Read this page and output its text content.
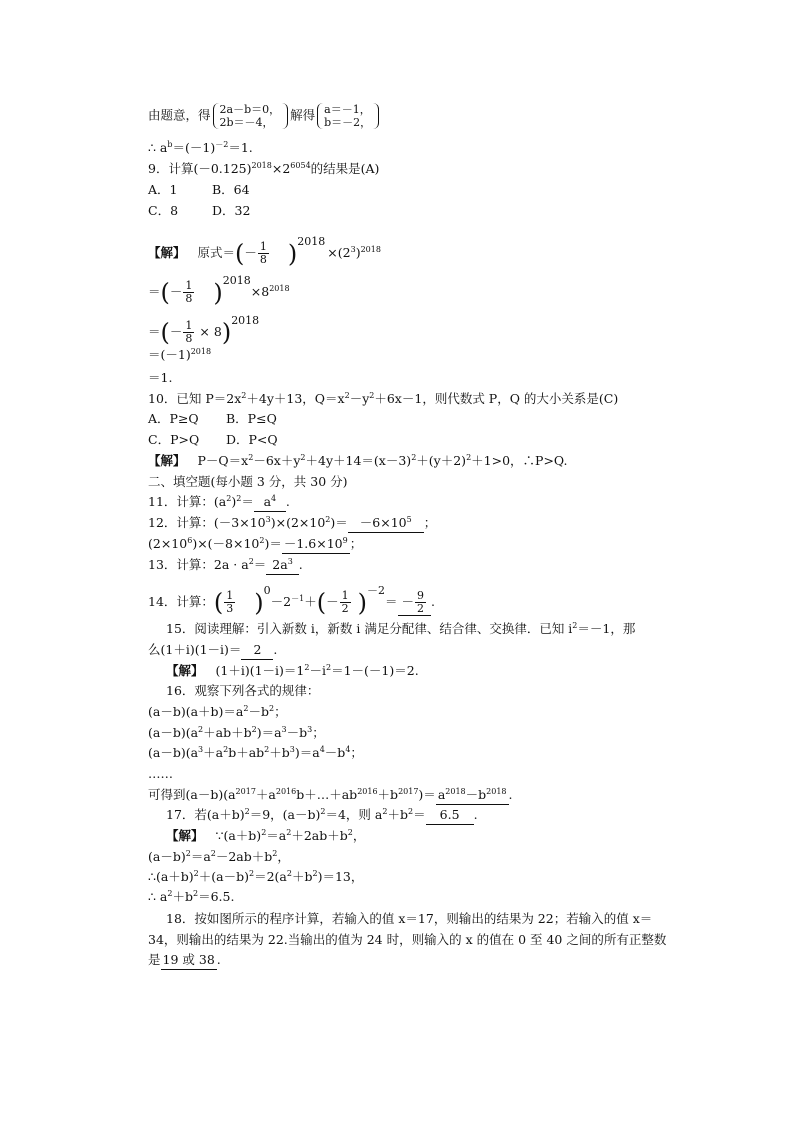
由题意，得 2a－b＝0，
2b＝－4，	解得 a＝－1，
b＝－2，
∴ $a^b=(-1)^{-2}=1$.
9．计算$(-0.125)^{2018}\times 2^{6054}$的结果是(A)
A．1	B．64
C．8	D．32
【解】 原式＝(－ $\frac{1}{8} )2018\times(2^3)^{2018}$
＝(－ $\frac{1}{8} )2018\times 8^{2018}$
＝(－ $\frac{1}{8} \times 8)2018$
$=(-1)^{2018}$
＝1.
10．已知 $P=2x^2+4y+13$，$Q=x^2-y^2+6x-1$，则代数式 P，Q 的大小关系是(C)
A．P≥Q B．P≤Q
C．P>Q D．P<Q
【解】 $P-Q=x^2-6x+y^2+4y+14=(x-3)^2+(y+2)^2+1>0$，∴P>Q.
二、填空题(每小题 3 分，共 30 分)
11．计算：$(a^2)^2= a^4$ .
12．计算：$(-3\times 10^3)\times(2\times 10^2)= -6\times 10^5$ ；
$(2\times 10^6)\times(-8\times 10^2)= -1.6\times 10^9$ ；
13．计算：$2a \cdot a^2= 2a^3$ .
14．计算：( $\frac{1}{3} )0-2^{-1}+(- \frac{1}{2} )-2= - \frac{9}{2}$ .
15．阅读理解：引入新数 i，新数 i 满足分配律、结合律、交换律．已知 $i^2=-1$，那
么(1＋i)(1－i)＝ 2 .
【解】 $(1+i)(1-i)=1^2-i^2=1-(-1)=2$.
16．观察下列各式的规律：
$(a-b)(a+b)=a^2-b^2$；
$(a-b)(a^2+ab+b^2)=a^3-b^3$；
$(a-b)(a^3+a^2b+ab^2+b^3)=a^4-b^4$；
……
可得到$(a-b)(a^{2017}+a^{2016}b+\dots+ab^{2016}+b^{2017})= a^{2018}-b^{2018}$ .
17．若$(a+b)^2=9$，$(a-b)^2=4$，则 $a^2+b^2= 6.5$ .
【解】 $\because(a+b)^2=a^2+2ab+b^2$，
$(a-b)^2=a^2-2ab+b^2$，
$\therefore(a+b)^2+(a-b)^2=2(a^2+b^2)=13$，
∴ $a^2+b^2=6.5$.
18．按如图所示的程序计算，若输入的值 x＝17，则输出的结果为 22；若输入的值 x＝
34，则输出的结果为 22.当输出的值为 24 时，则输入的 x 的值在 0 至 40 之间的所有正整数
是 19 或 38 .
